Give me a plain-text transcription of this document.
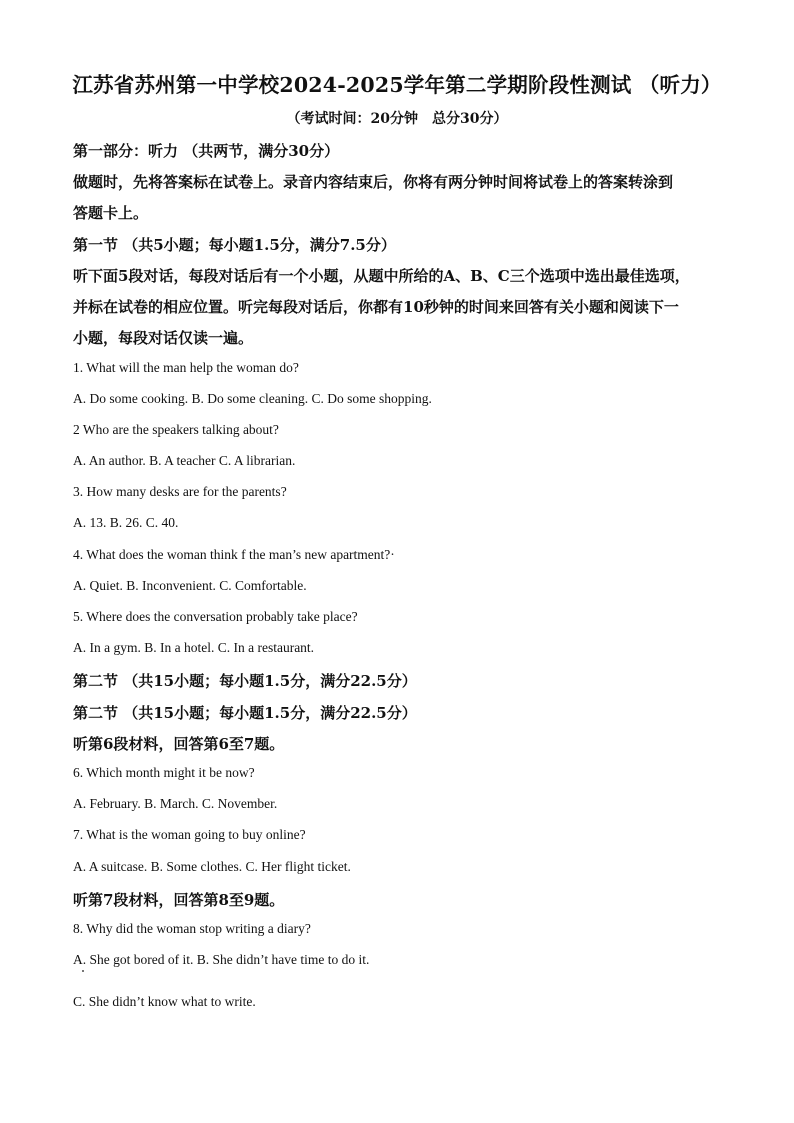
江苏省苏州第一中学校2024-2025学年第二学期阶段性测试 （听力）
（考试时间：20分钟　总分30分）
第一部分：听力 （共两节，满分30分）
做题时，先将答案标在试卷上。录音内容结束后，你将有两分钟时间将试卷上的答案转涂到
答题卡上。
第一节 （共5小题；每小题1.5分，满分7.5分）
听下面5段对话，每段对话后有一个小题，从题中所给的A、B、C三个选项中选出最佳选项，
并标在试卷的相应位置。听完每段对话后，你都有10秒钟的时间来回答有关小题和阅读下一
小题，每段对话仅读一遍。
1. What will the man help the woman do?
A. Do some cooking. B. Do some cleaning. C. Do some shopping.
2 Who are the speakers talking about?
A. An author. B. A teacher C. A librarian.
3. How many desks are for the parents?
A. 13. B. 26. C. 40.
4. What does the woman think f the man’s new apartment?·
A. Quiet. B. Inconvenient. C. Comfortable.
5. Where does the conversation probably take place?
A. In a gym. B. In a hotel. C. In a restaurant.
第二节 （共15小题；每小题1.5分，满分22.5分）
第二节 （共15小题；每小题1.5分，满分22.5分）
听第6段材料，回答第6至7题。
6. Which month might it be now?
A. February. B. March. C. November.
7. What is the woman going to buy online?
A. A suitcase. B. Some clothes. C. Her flight ticket.
听第7段材料，回答第8至9题。
8. Why did the woman stop writing a diary?
A. She got bored of it. B. She didn’t have time to do it.
C. She didn’t know what to write.
